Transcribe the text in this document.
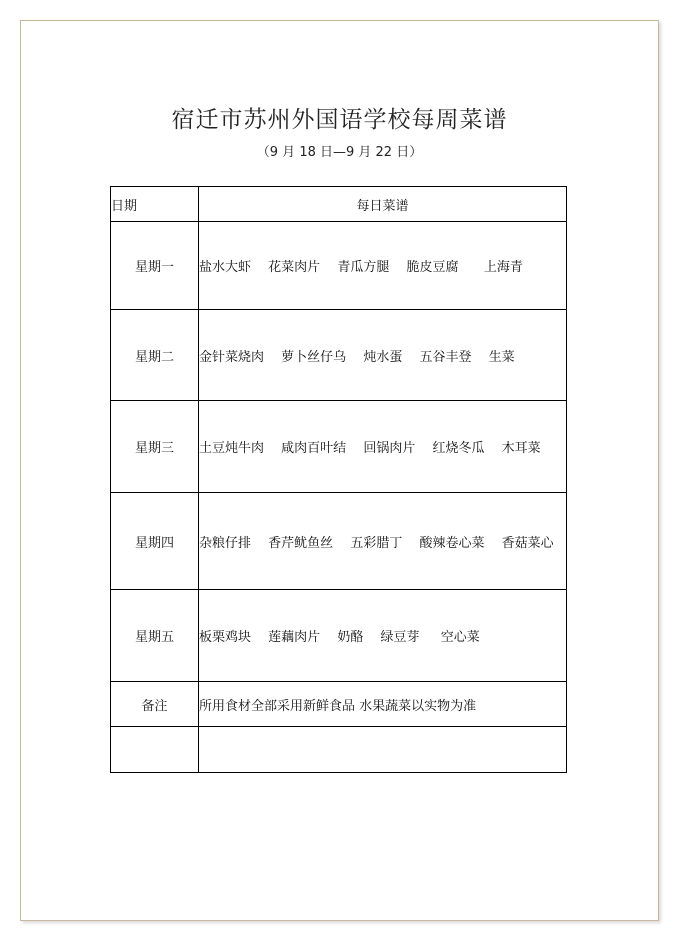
宿迁市苏州外国语学校每周菜谱
（9 月 18 日—9 月 22 日）
日期	每日菜谱
星期一	盐水大虾 花菜肉片 青瓜方腿 脆皮豆腐   上海青
星期二	金针菜烧肉 萝卜丝仔乌 炖水蛋 五谷丰登 生菜
星期三	土豆炖牛肉 咸肉百叶结 回锅肉片 红烧冬瓜 木耳菜
星期四	杂粮仔排 香芹鱿鱼丝 五彩腊丁 酸辣卷心菜 香菇菜心
星期五	板栗鸡块 莲藕肉片 奶酪 绿豆芽  空心菜
备注	所用食材全部采用新鲜食品 水果蔬菜以实物为准
